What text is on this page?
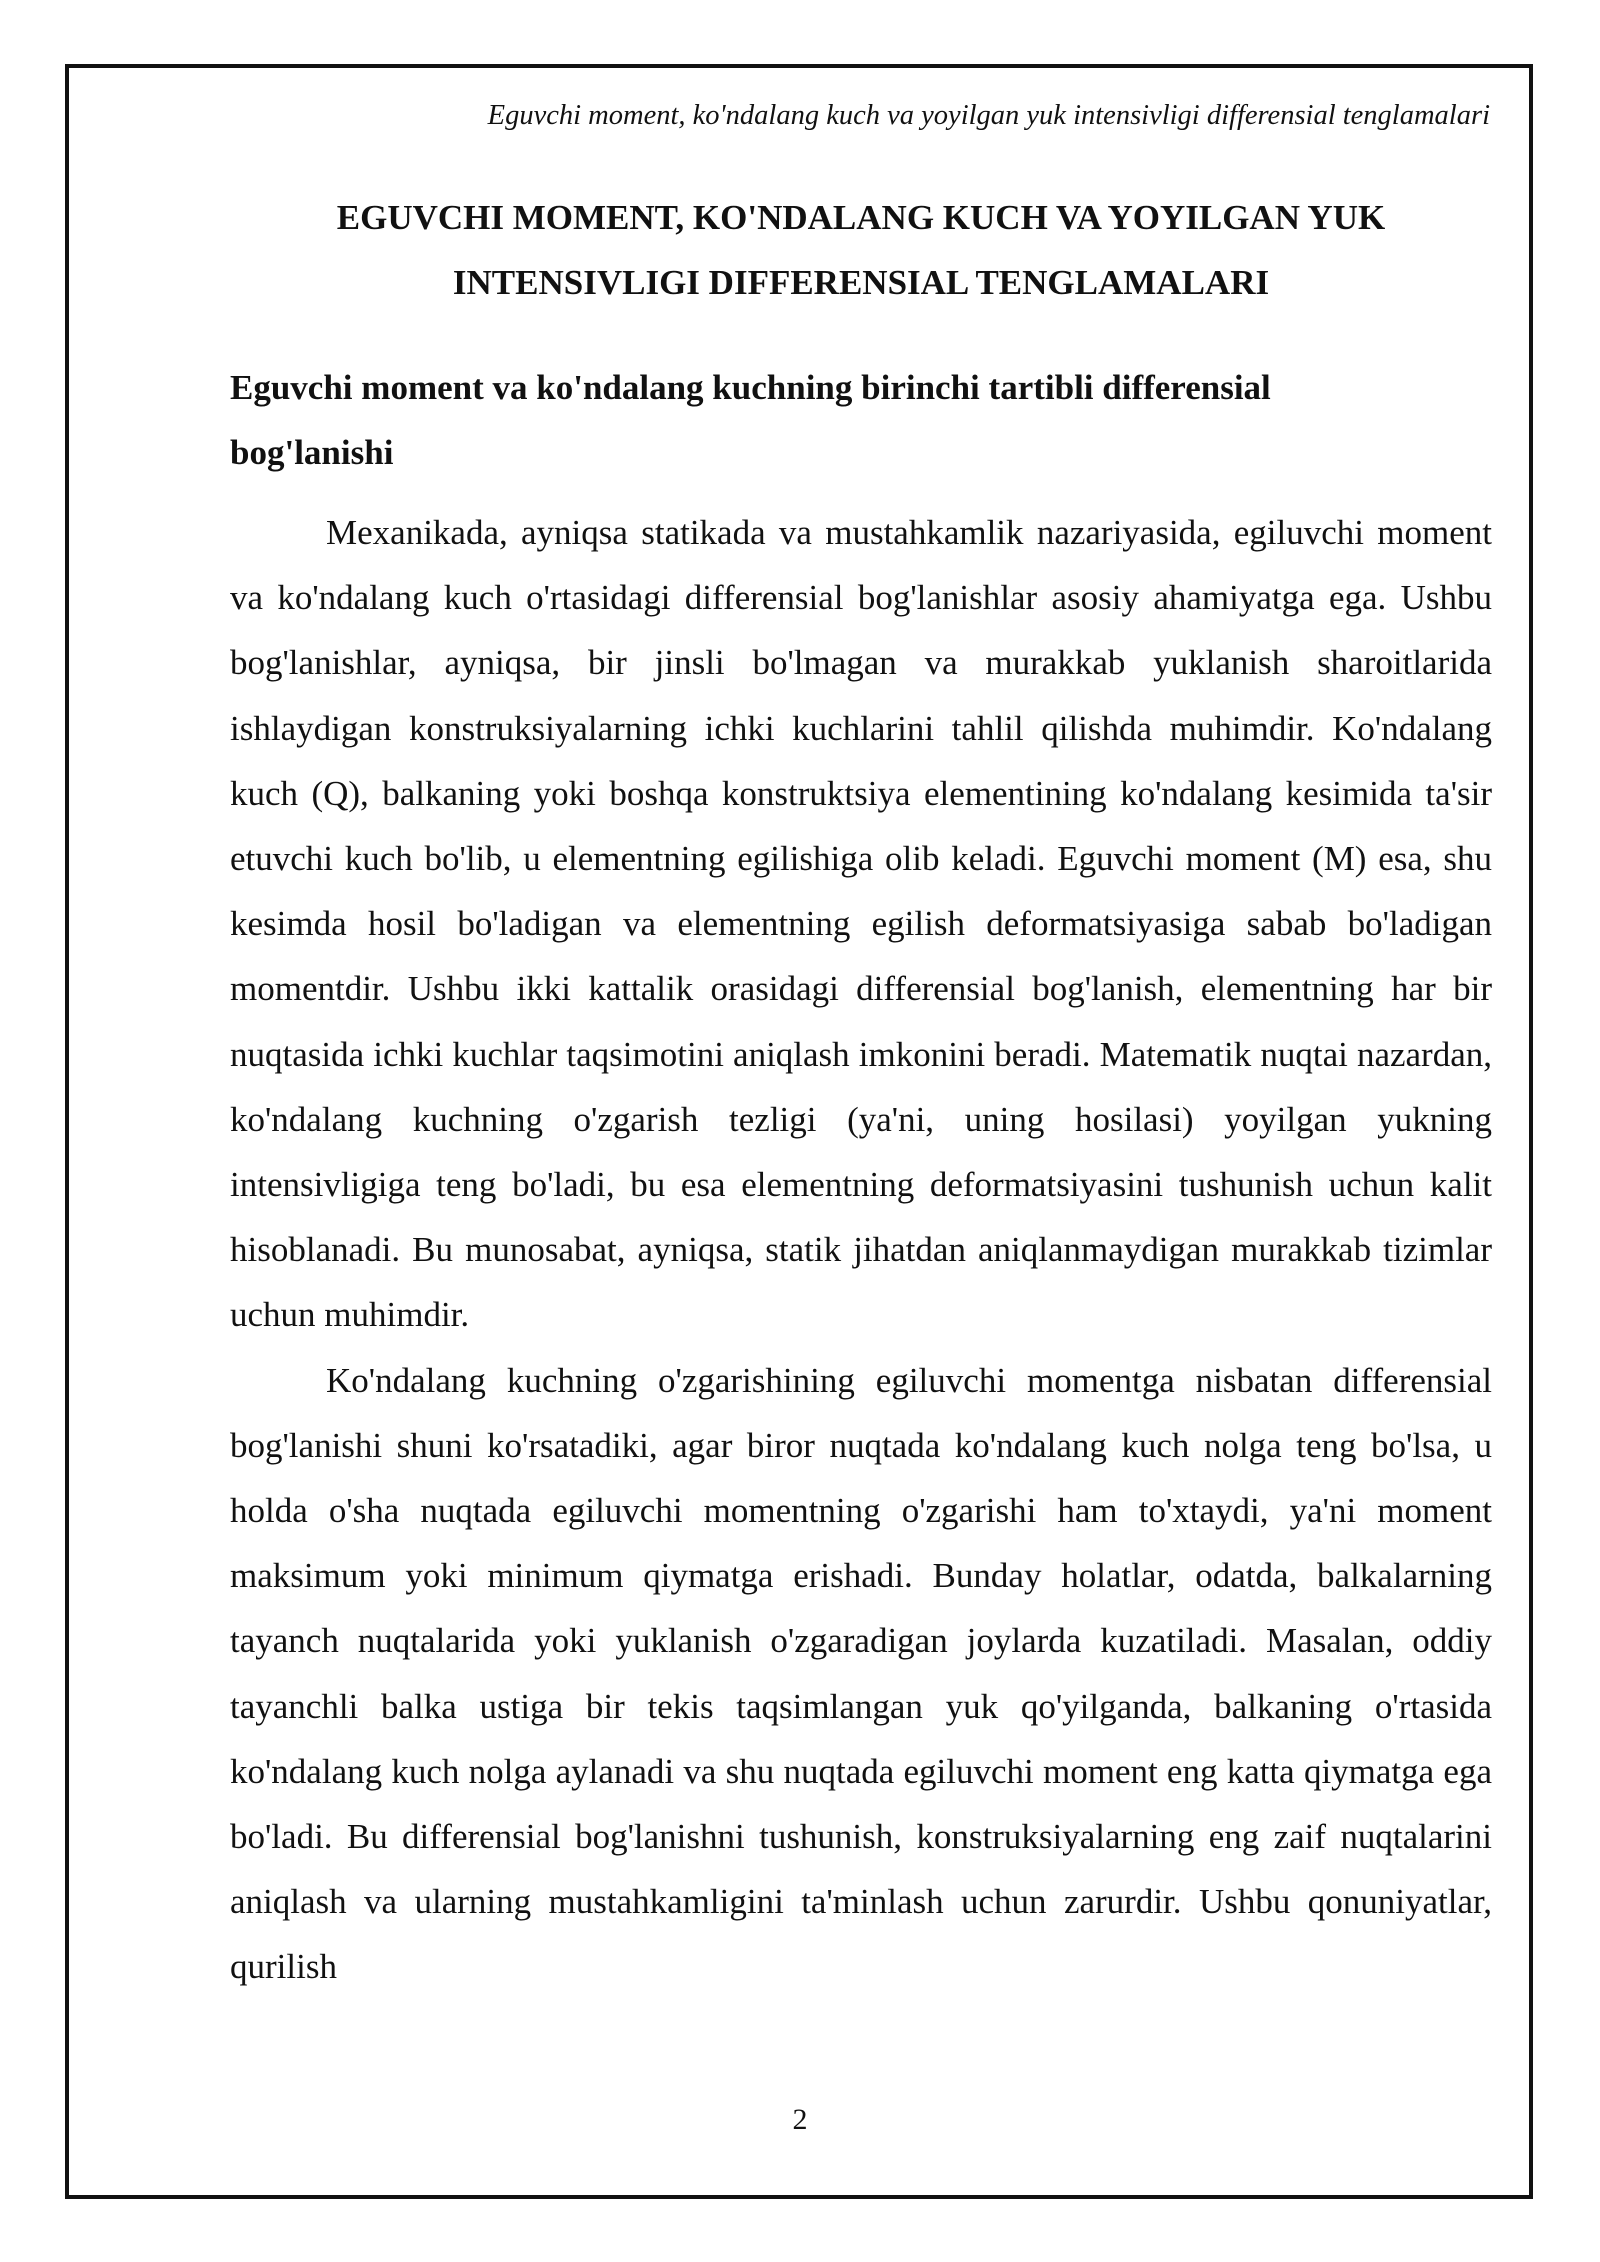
Eguvchi moment, ko'ndalang kuch va yoyilgan yuk intensivligi differensial tenglamalari
EGUVCHI MOMENT, KO'NDALANG KUCH VA YOYILGAN YUK INTENSIVLIGI DIFFERENSIAL TENGLAMALARI
Eguvchi moment va ko'ndalang kuchning birinchi tartibli differensial bog'lanishi

Mexanikada, ayniqsa statikada va mustahkamlik nazariyasida, egiluvchi moment va ko'ndalang kuch o'rtasidagi differensial bog'lanishlar asosiy ahamiyatga ega. Ushbu bog'lanishlar, ayniqsa, bir jinsli bo'lmagan va murakkab yuklanish sharoitlarida ishlaydigan konstruksiyalarning ichki kuchlarini tahlil qilishda muhimdir. Ko'ndalang kuch (Q), balkaning yoki boshqa konstruktsiya elementining ko'ndalang kesimida ta'sir etuvchi kuch bo'lib, u elementning egilishiga olib keladi. Eguvchi moment (M) esa, shu kesimda hosil bo'ladigan va elementning egilish deformatsiyasiga sabab bo'ladigan momentdir. Ushbu ikki kattalik orasidagi differensial bog'lanish, elementning har bir nuqtasida ichki kuchlar taqsimotini aniqlash imkonini beradi. Matematik nuqtai nazardan, ko'ndalang kuchning o'zgarish tezligi (ya'ni, uning hosilasi) yoyilgan yukning intensivligiga teng bo'ladi, bu esa elementning deformatsiyasini tushunish uchun kalit hisoblanadi. Bu munosabat, ayniqsa, statik jihatdan aniqlanmaydigan murakkab tizimlar uchun muhimdir.

Ko'ndalang kuchning o'zgarishining egiluvchi momentga nisbatan differensial bog'lanishi shuni ko'rsatadiki, agar biror nuqtada ko'ndalang kuch nolga teng bo'lsa, u holda o'sha nuqtada egiluvchi momentning o'zgarishi ham to'xtaydi, ya'ni moment maksimum yoki minimum qiymatga erishadi. Bunday holatlar, odatda, balkalarning tayanch nuqtalarida yoki yuklanish o'zgaradigan joylarda kuzatiladi. Masalan, oddiy tayanchli balka ustiga bir tekis taqsimlangan yuk qo'yilganda, balkaning o'rtasida ko'ndalang kuch nolga aylanadi va shu nuqtada egiluvchi moment eng katta qiymatga ega bo'ladi. Bu differensial bog'lanishni tushunish, konstruksiyalarning eng zaif nuqtalarini aniqlash va ularning mustahkamligini ta'minlash uchun zarurdir. Ushbu qonuniyatlar, qurilish

2
